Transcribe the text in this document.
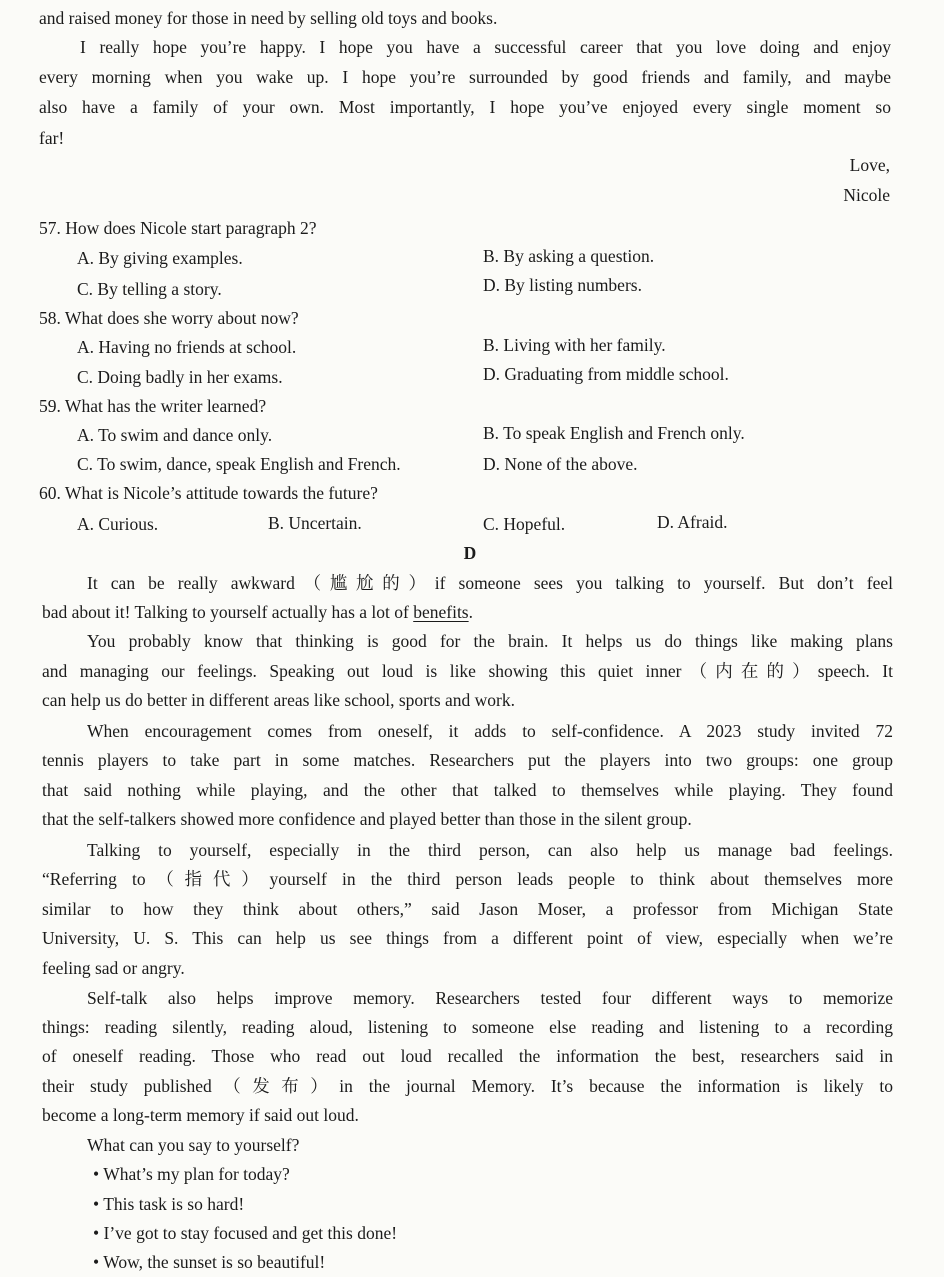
and raised money for those in need by selling old toys and books.
I really hope you’re happy. I hope you have a successful career that you love doing and enjoy
every morning when you wake up. I hope you’re surrounded by good friends and family, and maybe
also have a family of your own. Most importantly, I hope you’ve enjoyed every single moment so
far!
Love,
Nicole
57. How does Nicole start paragraph 2?
A. By giving examples.	B. By asking a question.
C. By telling a story.	D. By listing numbers.
58. What does she worry about now?
A. Having no friends at school.	B. Living with her family.
C. Doing badly in her exams.	D. Graduating from middle school.
59. What has the writer learned?
A. To swim and dance only.	B. To speak English and French only.
C. To swim, dance, speak English and French.	D. None of the above.
60. What is Nicole’s attitude towards the future?
A. Curious.	B. Uncertain.	C. Hopeful.	D. Afraid.
D
It can be really awkward（尴尬的）if someone sees you talking to yourself. But don’t feel
bad about it! Talking to yourself actually has a lot of benefits.
You probably know that thinking is good for the brain. It helps us do things like making plans
and managing our feelings. Speaking out loud is like showing this quiet inner（内在的）speech. It
can help us do better in different areas like school, sports and work.
When encouragement comes from oneself, it adds to self-confidence. A 2023 study invited 72
tennis players to take part in some matches. Researchers put the players into two groups: one group
that said nothing while playing, and the other that talked to themselves while playing. They found
that the self-talkers showed more confidence and played better than those in the silent group.
Talking to yourself, especially in the third person, can also help us manage bad feelings.
“Referring to（指代）yourself in the third person leads people to think about themselves more
similar to how they think about others,” said Jason Moser, a professor from Michigan State
University, U. S. This can help us see things from a different point of view, especially when we’re
feeling sad or angry.
Self-talk also helps improve memory. Researchers tested four different ways to memorize
things: reading silently, reading aloud, listening to someone else reading and listening to a recording
of oneself reading. Those who read out loud recalled the information the best, researchers said in
their study published（发布）in the journal Memory. It’s because the information is likely to
become a long-term memory if said out loud.
What can you say to yourself?
• What’s my plan for today?
• This task is so hard!
• I’ve got to stay focused and get this done!
• Wow, the sunset is so beautiful!
